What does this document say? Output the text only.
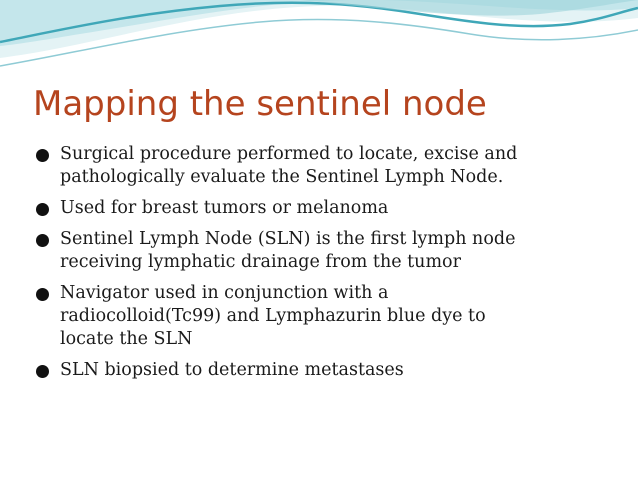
Mapping the sentinel node
Surgical procedure performed to locate, excise and
pathologically evaluate the Sentinel Lymph Node.
Used for breast tumors or melanoma
Sentinel Lymph Node (SLN) is the first lymph node
receiving lymphatic drainage from the tumor
Navigator used in conjunction with a
radiocolloid(Tc99) and Lymphazurin blue dye to
locate the SLN
SLN biopsied to determine metastases
